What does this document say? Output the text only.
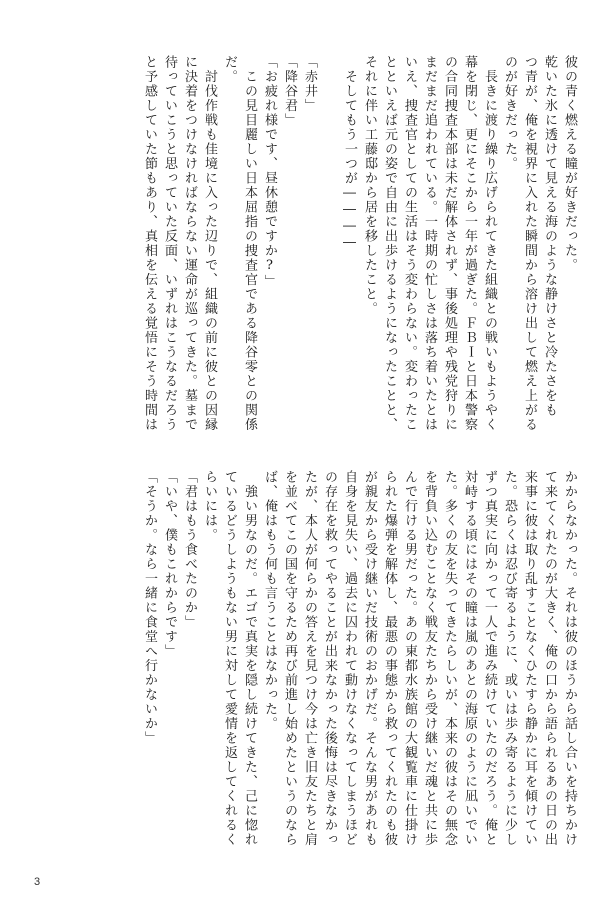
彼の青く燃える瞳が好きだった。
乾いた氷に透けて見える海のような静けさと冷たさをも
つ青が、俺を視界に入れた瞬間から溶け出して燃え上がる
のが好きだった。
　長きに渡り繰り広げられてきた組織との戦いもようやく
幕を閉じ、更にそこから一年が過ぎた。ＦＢＩと日本警察
の合同捜査本部は未だ解体されず、事後処理や残党狩りに
まだまだ追われている。一時期の忙しさは落ち着いたとは
いえ、捜査官としての生活はそう変わらない。変わったこ
とといえば元の姿で自由に出歩けるようになったことと、
それに伴い工藤邸から居を移したこと。
　そしてもう一つが――――
「赤井」
「降谷君」
「お疲れ様です、昼休憩ですか?」
　この見目麗しい日本屈指の捜査官である降谷零との関係
だ。
　討伐作戦も佳境に入った辺りで、組織の前に彼との因縁
に決着をつけなければならない運命が巡ってきた。墓まで
待っていこうと思っていた反面、いずれはこうなるだろう
と予感していた節もあり、真相を伝える覚悟にそう時間は
かからなかった。それは彼のほうから話し合いを持ちかけ
て来てくれたのが大きく、俺の口から語られるあの日の出
来事に彼は取り乱すことなくひたすら静かに耳を傾けてい
た。恐らくは忍び寄るように、或いは歩み寄るように少し
ずつ真実に向かって一人で進み続けていたのだろう。俺と
対峙する頃にはその瞳は嵐のあとの海原のように凪いでい
た。多くの友を失ってきたらしいが、本来の彼はその無念
を背負い込むことなく戦友たちから受け継いだ魂と共に歩
んで行ける男だった。あの東都水族館の大観覧車に仕掛け
られた爆弾を解体し、最悪の事態から救ってくれたのも彼
が親友から受け継いだ技術のおかげだ。そんな男があれも
自身を見失い、過去に囚われて動けなくなってしまうほど
の存在を救ってやることが出来なかった後悔は尽きなかっ
たが、本人が何らかの答えを見つけ今は亡き旧友たちと肩
を並べてこの国を守るため再び前進し始めたというのなら
ば、俺はもう何も言うことはなかった。
　強い男なのだ。エゴで真実を隠し続けてきた、己に惚れ
ているどうしようもない男に対して愛情を返してくれるく
らいには。
「君はもう食べたのか」
「いや、僕もこれからです」
「そうか。なら一緒に食堂へ行かないか」
3
